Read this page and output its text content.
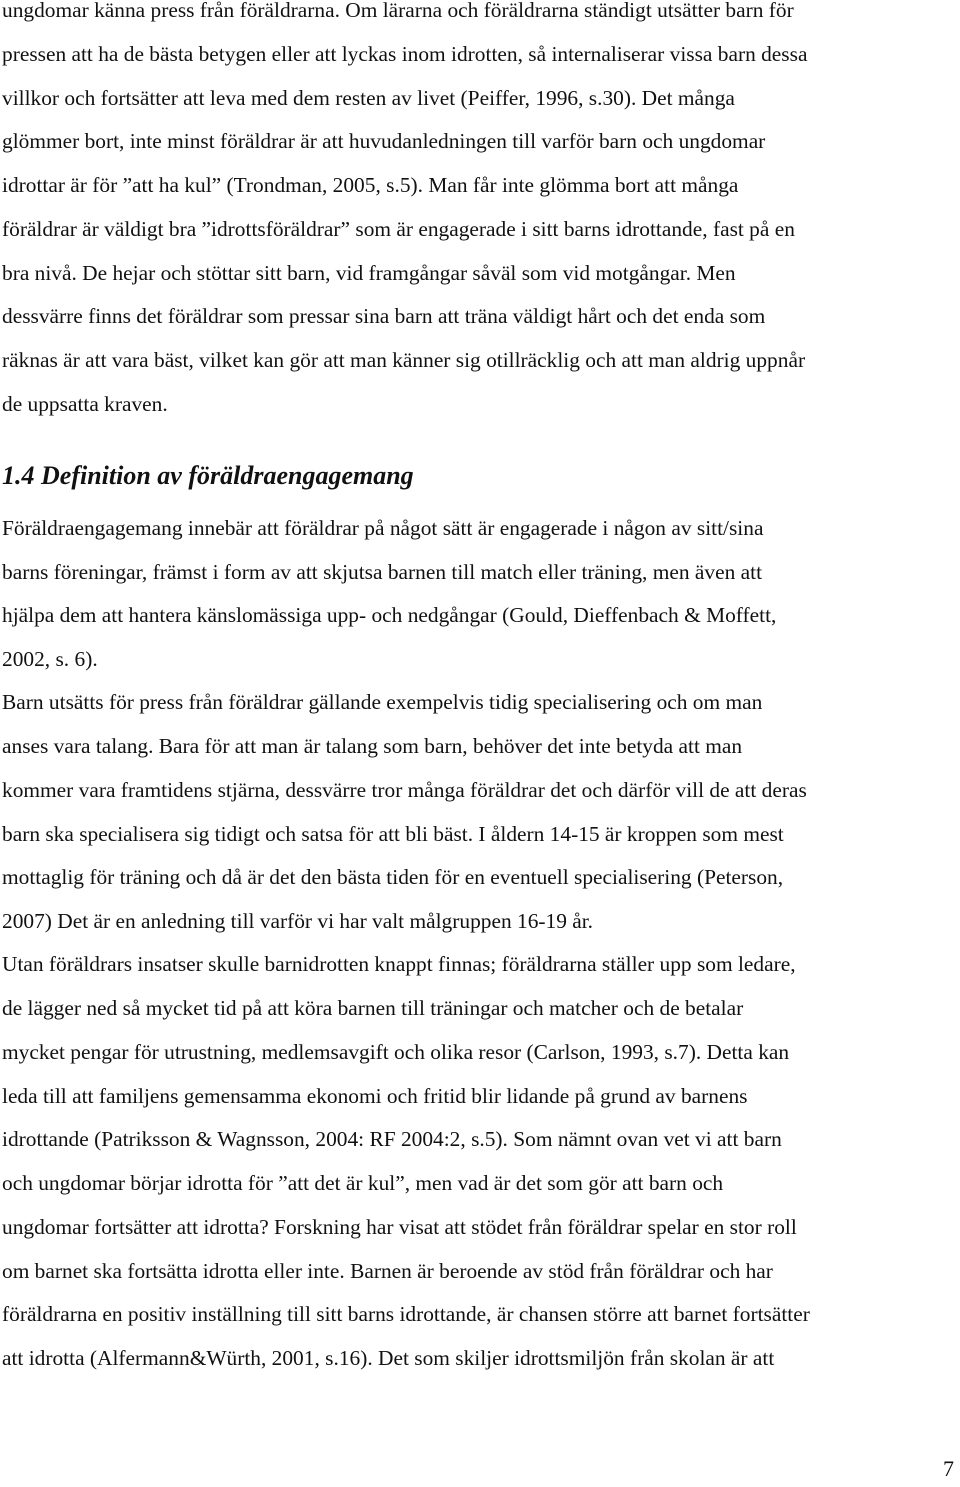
ungdomar känna press från föräldrarna. Om lärarna och föräldrarna ständigt utsätter barn för
pressen att ha de bästa betygen eller att lyckas inom idrotten, så internaliserar vissa barn dessa
villkor och fortsätter att leva med dem resten av livet (Peiffer, 1996, s.30). Det många
glömmer bort, inte minst föräldrar är att huvudanledningen till varför barn och ungdomar
idrottar är för ”att ha kul” (Trondman, 2005, s.5). Man får inte glömma bort att många
föräldrar är väldigt bra ”idrottsföräldrar” som är engagerade i sitt barns idrottande, fast på en
bra nivå. De hejar och stöttar sitt barn, vid framgångar såväl som vid motgångar. Men
dessvärre finns det föräldrar som pressar sina barn att träna väldigt hårt och det enda som
räknas är att vara bäst, vilket kan gör att man känner sig otillräcklig och att man aldrig uppnår
de uppsatta kraven.
1.4 Definition av föräldraengagemang
Föräldraengagemang innebär att föräldrar på något sätt är engagerade i någon av sitt/sina
barns föreningar, främst i form av att skjutsa barnen till match eller träning, men även att
hjälpa dem att hantera känslomässiga upp- och nedgångar (Gould, Dieffenbach & Moffett,
2002, s. 6).
Barn utsätts för press från föräldrar gällande exempelvis tidig specialisering och om man
anses vara talang. Bara för att man är talang som barn, behöver det inte betyda att man
kommer vara framtidens stjärna, dessvärre tror många föräldrar det och därför vill de att deras
barn ska specialisera sig tidigt och satsa för att bli bäst. I åldern 14-15 är kroppen som mest
mottaglig för träning och då är det den bästa tiden för en eventuell specialisering (Peterson,
2007) Det är en anledning till varför vi har valt målgruppen 16-19 år.
Utan föräldrars insatser skulle barnidrotten knappt finnas; föräldrarna ställer upp som ledare,
de lägger ned så mycket tid på att köra barnen till träningar och matcher och de betalar
mycket pengar för utrustning, medlemsavgift och olika resor (Carlson, 1993, s.7). Detta kan
leda till att familjens gemensamma ekonomi och fritid blir lidande på grund av barnens
idrottande (Patriksson & Wagnsson, 2004: RF 2004:2, s.5). Som nämnt ovan vet vi att barn
och ungdomar börjar idrotta för ”att det är kul”, men vad är det som gör att barn och
ungdomar fortsätter att idrotta? Forskning har visat att stödet från föräldrar spelar en stor roll
om barnet ska fortsätta idrotta eller inte. Barnen är beroende av stöd från föräldrar och har
föräldrarna en positiv inställning till sitt barns idrottande, är chansen större att barnet fortsätter
att idrotta (Alfermann&Würth, 2001, s.16). Det som skiljer idrottsmiljön från skolan är att
7
